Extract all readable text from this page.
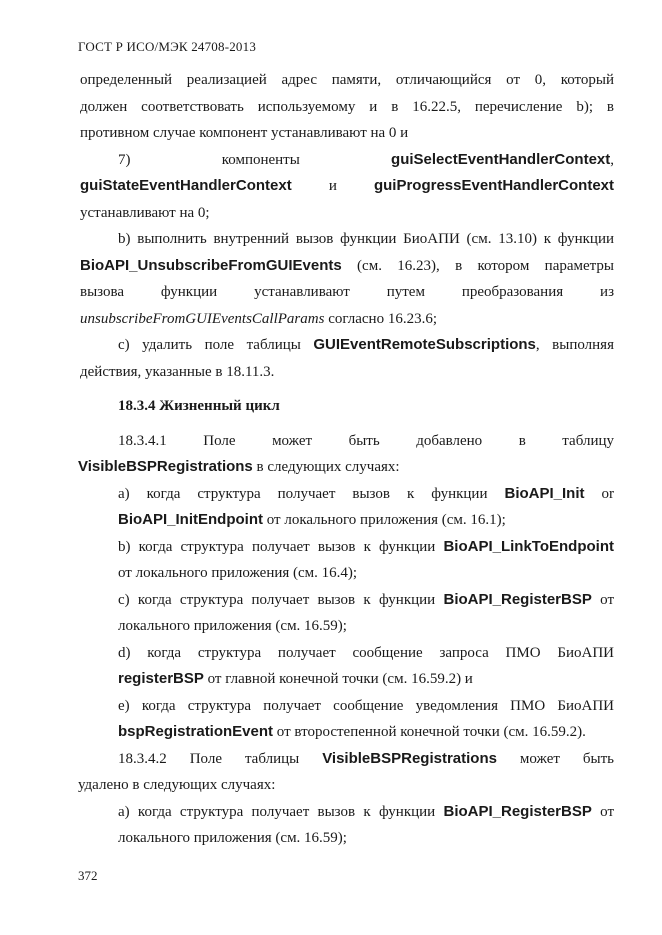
ГОСТ Р ИСО/МЭК 24708-2013
определенный реализацией адрес памяти, отличающийся от 0, который
должен соответствовать используемому и в 16.22.5, перечисление b); в
противном случае компонент устанавливают на 0 и
7) компоненты	guiSelectEventHandlerContext,
guiStateEventHandlerContext и guiProgressEventHandlerContext
устанавливают на 0;
b) выполнить внутренний вызов функции БиоАПИ (см. 13.10) к функции
BioAPI_UnsubscribeFromGUIEvents (см. 16.23), в котором параметры
вызова функции устанавливают путем преобразования из
unsubscribeFromGUIEventsCallParams согласно 16.23.6;
c) удалить поле таблицы GUIEventRemoteSubscriptions, выполняя
действия, указанные в 18.11.3.
18.3.4 Жизненный цикл
18.3.4.1 Поле может быть добавлено в таблицу
VisibleBSPRegistrations в следующих случаях:
a) когда структура получает вызов к функции BioAPI_Init or
BioAPI_InitEndpoint от локального приложения (см. 16.1);
b) когда структура получает вызов к функции BioAPI_LinkToEndpoint
от локального приложения (см. 16.4);
c) когда структура получает вызов к функции BioAPI_RegisterBSP от
локального приложения (см. 16.59);
d) когда структура получает сообщение запроса ПМО БиоАПИ
registerBSP от главной конечной точки (см. 16.59.2) и
e) когда структура получает сообщение уведомления ПМО БиоАПИ
bspRegistrationEvent от второстепенной конечной точки (см. 16.59.2).
18.3.4.2 Поле таблицы VisibleBSPRegistrations может быть
удалено в следующих случаях:
a) когда структура получает вызов к функции BioAPI_RegisterBSP от
локального приложения (см. 16.59);
372
